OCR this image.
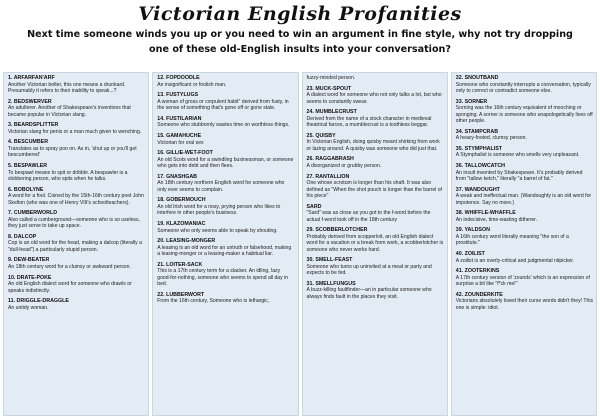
Victorian English Profanities
Next time someone winds you up or you need to win an argument in fine style, why not try dropping one of these old-English insults into your conversation?
1. ARFARFAN'ARF
Another Victorian belter, this one means a drunkard. Presumably it refers to their inability to speak...?
2. BEDSWERVER
An adulterer. Another of Shakespeare's inventions that became popular in Victorian slang.
3. BEARDSPLITTER
Victorian slang for penis or a man much given to wenching.
4. BESCUMBER
Translates as to spray poo on. As in, 'shut up or you'll get bescumbered'
5. BESPAWLER
To bespawl means to spit or dribble. A bespawler is a slobbering person, who spits when he talks.
6. BOBOLYNE
A word for a fool. Coined by the 15th-16th century poet John Skelton (who was one of Henry VIII's schoolteachers).
7. CUMBERWORLD
Also called a cumberground—someone who is so useless, they just serve to take up space.
8. DALCOP
Cop is an old word for the head, making a dalcop (literally a "dull-head") a particularly stupid person.
9. DEW-BEATER
An 18th century word for a clumsy or awkward person.
10. DRATE-POKE
An old English dialect word for someone who drawls or speaks indistinctly.
11. DRIGGLE-DRAGGLE
An untidy woman.
12. FOPDOODLE
An insignificant or foolish man.
13. FUSTYLUGS
A woman of gross or corpulent habit" derived from fusty, in the sense of something that's gone off or gone stale.
14. FUSTILARIAN
Someone who stubbornly wastes time on worthless things.
15. GAMAHUCHE
Victorian for oral sex
16. GILLIE-WET-FOOT
An old Scots word for a swindling businessman, or someone who gets into debt and then flees.
17. GNASHGAB
An 18th century northern English word for someone who only ever seems to complain.
18. GOBERMOUCH
An old Irish word for a nosy, prying person who likes to interfere in other people's business.
19. KLAZOMANIAC
Someone who only seems able to speak by shouting.
20. LEASING-MONGER
A leasing is an old word for an untruth or falsehood, making a leasing-monger or a leasing-maker a habitual liar.
21. LOITER-SACK
This is a 17th century term for a slacker. An idling, lazy good-for-nothing, someone who seems to spend all day in bed.
22. LUBBERWORT
From the 16th century, Someone who is lethargic,
fuzzy-minded person.
23. MUCK-SPOUT
A dialect word for someone who not only talks a lot, but who seems to constantly swear.
24. MUMBLECRUST
Derived from the name of a stock character in medieval theatrical farces, a mumblecrust is a toothless beggar.
25. QUISBY
In Victorian English, doing quisby meant shirking from work or lazing around. A quisby was someone who did just that.
26. RAGGABRASH
A disorganized or grubby person.
27. RANTALLION
One whose scrotum is longer than his shaft. It was also defined as "When the shot pouch is longer than the barrel of his piece"
SARD
"Sard" was as close as you got to the f-word before the actual f-word took off in the 18th century
29. SCOBBERLOTCHER
Probably derived from scopperloit, an old English dialect word for a vacation or a break from work, a scobberlotcher is someone who never works hard.
30. SMELL-FEAST
Someone who turns up uninvited at a meal or party and expects to be fed.
31. SMELLFUNGUS
A buzz-killing faultfinder—an in particular someone who always finds fault in the places they visit.
32. SNOUTBAND
Someone who constantly interrupts a conversation, typically only to correct or contradict someone else.
33. SORNER
Sorning was the 16th century equivalent of mooching or sponging. A sorner is someone who unapologetically lives off other people.
34. STAMPCRAB
A heavy-footed, clumsy person.
35. STYMPHALIST
A Stymphalist is someone who smells very unpleasant.
36. TALLOWCATCH
An insult invented by Shakespeare. It's probably derived from "tallow ketch," literally "a barrel of fat."
37. WANDOUGHT
A weak and ineffectual man. (Wandoughty is an old word for impotence. Say no more.)
38. WHIFFLE-WHAFFLE
An indecisive, time-wasting ditherer.
39. YALDSON
A 16th century word literally meaning "the son of a prostitute."
40. ZOILIST
A zoilist is an overly-critical and judgmental nitpicker.
41. ZOOTERKINS
A 17th century version of 'zounds' which is an expression of surprise a bit like "f*ck me!"
42. ZOUNDERKITE
Victorians absolutely loved their curse words didn't they! This one is simple: idiot.
